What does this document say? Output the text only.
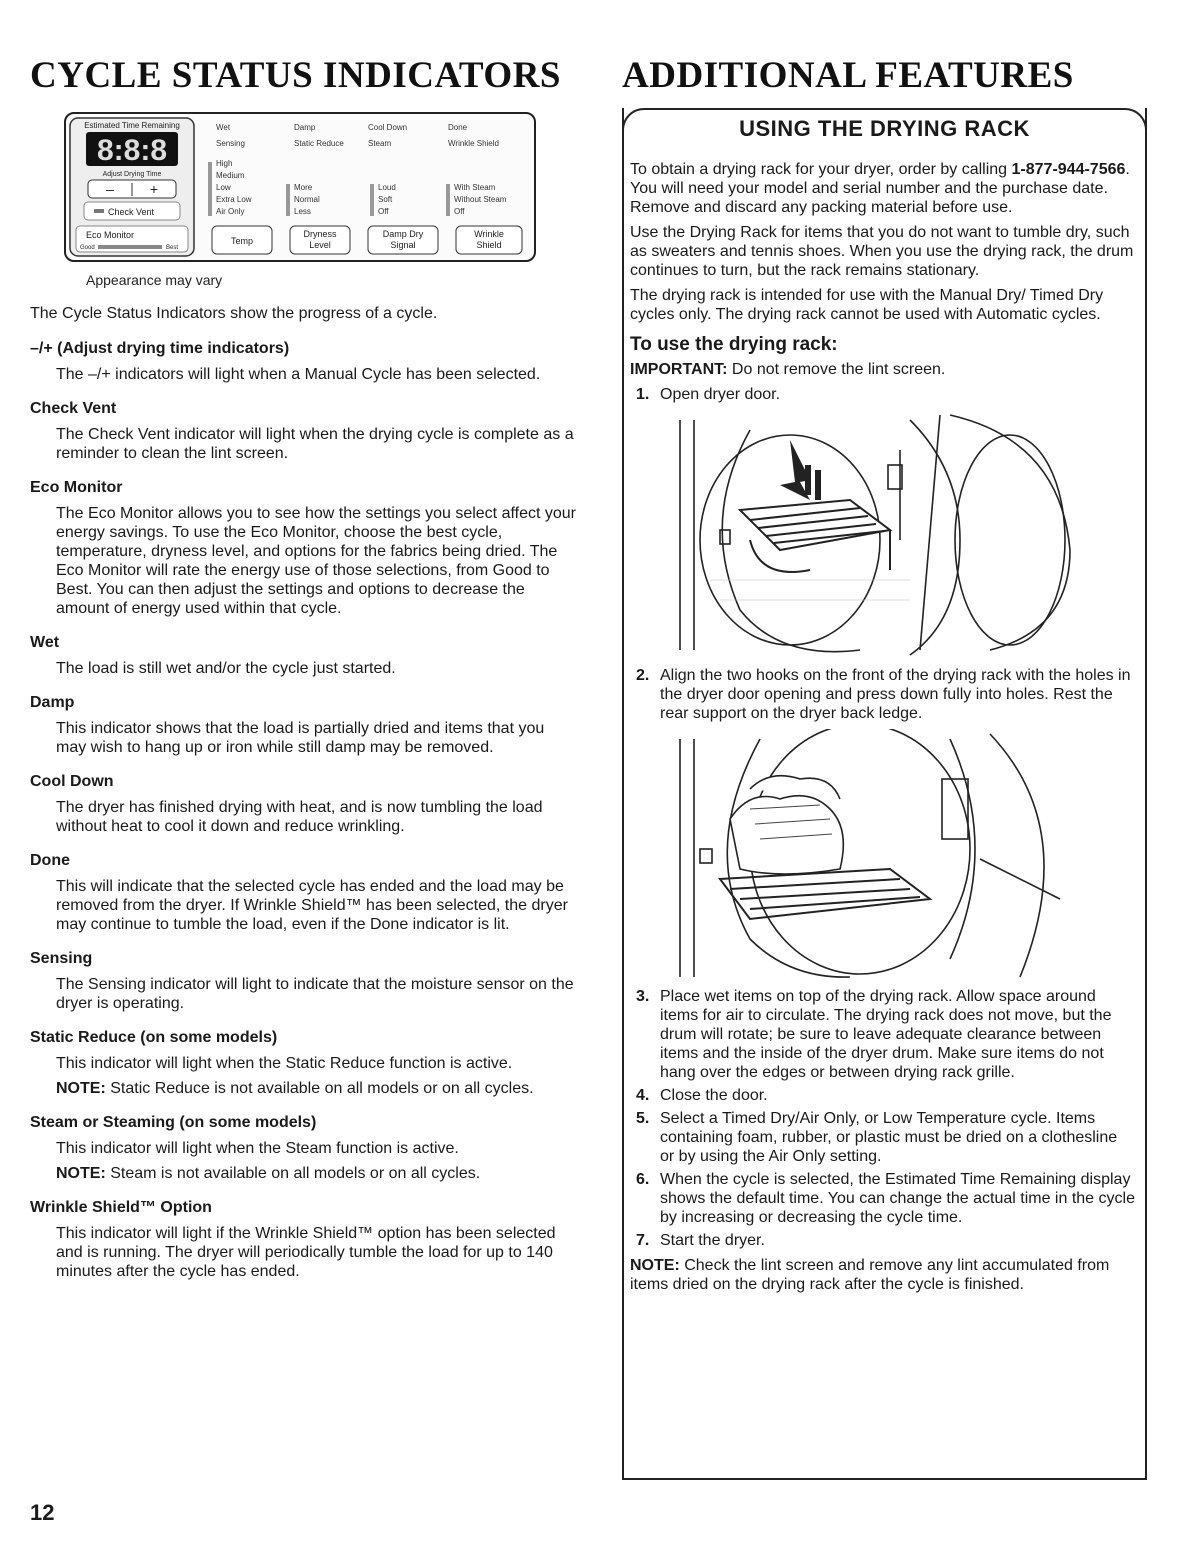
CYCLE STATUS INDICATORS
Estimated Time Remaining
8:8:8
Adjust Drying Time
–	+
Check Vent
Eco Monitor
Good	Best
Wet	Damp	Cool Down	Done
Sensing	Static Reduce	Steam	Wrinkle Shield
High
Medium
Low
Extra Low
Air Only
More
Normal
Less
Loud
Soft
Off
With Steam
Without Steam
Off
Temp
Dryness
Level
Damp Dry
Signal
Wrinkle
Shield
Appearance may vary
The Cycle Status Indicators show the progress of a cycle.
–/+ (Adjust drying time indicators)
The –/+ indicators will light when a Manual Cycle has been selected.
Check Vent
The Check Vent indicator will light when the drying cycle is complete as a reminder to clean the lint screen.
Eco Monitor
The Eco Monitor allows you to see how the settings you select affect your energy savings. To use the Eco Monitor, choose the best cycle, temperature, dryness level, and options for the fabrics being dried. The Eco Monitor will rate the energy use of those selections, from Good to Best. You can then adjust the settings and options to decrease the amount of energy used within that cycle.
Wet
The load is still wet and/or the cycle just started.
Damp
This indicator shows that the load is partially dried and items that you may wish to hang up or iron while still damp may be removed.
Cool Down
The dryer has finished drying with heat, and is now tumbling the load without heat to cool it down and reduce wrinkling.
Done
This will indicate that the selected cycle has ended and the load may be removed from the dryer. If Wrinkle Shield™ has been selected, the dryer may continue to tumble the load, even if the Done indicator is lit.
Sensing
The Sensing indicator will light to indicate that the moisture sensor on the dryer is operating.
Static Reduce (on some models)
This indicator will light when the Static Reduce function is active.
NOTE: Static Reduce is not available on all models or on all cycles.
Steam or Steaming (on some models)
This indicator will light when the Steam function is active.
NOTE: Steam is not available on all models or on all cycles.
Wrinkle Shield™ Option
This indicator will light if the Wrinkle Shield™ option has been selected and is running. The dryer will periodically tumble the load for up to 140 minutes after the cycle has ended.
ADDITIONAL FEATURES
USING THE DRYING RACK

To obtain a drying rack for your dryer, order by calling 1-877-944-7566. You will need your model and serial number and the purchase date. Remove and discard any packing material before use.

Use the Drying Rack for items that you do not want to tumble dry, such as sweaters and tennis shoes. When you use the drying rack, the drum continues to turn, but the rack remains stationary.

The drying rack is intended for use with the Manual Dry/ Timed Dry cycles only. The drying rack cannot be used with Automatic cycles.

To use the drying rack:
IMPORTANT: Do not remove the lint screen.
1. Open dryer door.
2. Align the two hooks on the front of the drying rack with the holes in the dryer door opening and press down fully into holes. Rest the rear support on the dryer back ledge.
3. Place wet items on top of the drying rack. Allow space around items for air to circulate. The drying rack does not move, but the drum will rotate; be sure to leave adequate clearance between items and the inside of the dryer drum. Make sure items do not hang over the edges or between drying rack grille.
4. Close the door.
5. Select a Timed Dry/Air Only, or Low Temperature cycle. Items containing foam, rubber, or plastic must be dried on a clothesline or by using the Air Only setting.
6. When the cycle is selected, the Estimated Time Remaining display shows the default time. You can change the actual time in the cycle by increasing or decreasing the cycle time.
7. Start the dryer.
NOTE: Check the lint screen and remove any lint accumulated from items dried on the drying rack after the cycle is finished.
12
